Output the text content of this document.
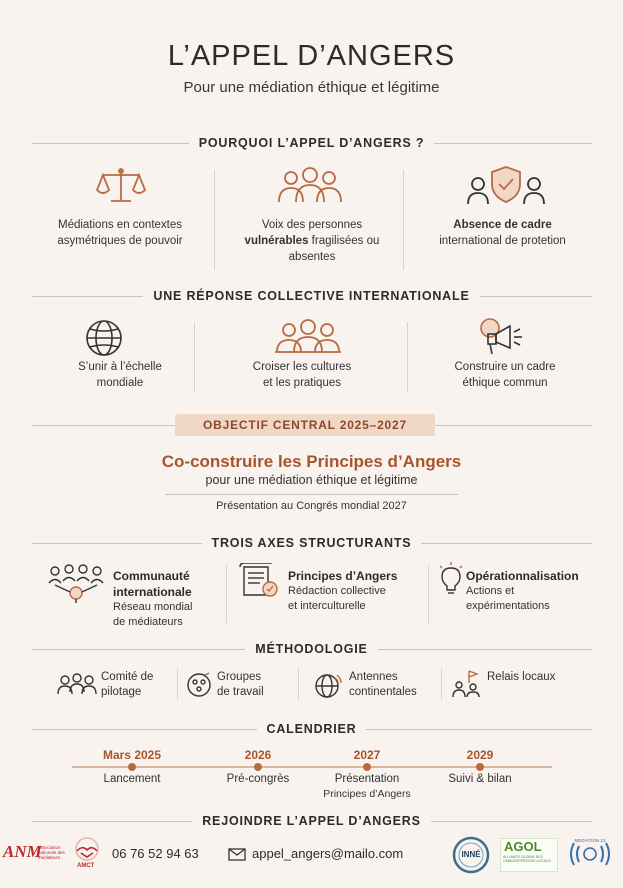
L’APPEL D’ANGERS
Pour une médiation éthique et légitime
POURQUOI L’APPEL D’ANGERS ?
Médiations en contextes
asymétriques de pouvoir
Voix des personnes
vulnérables fragilisées ou
absentes
Absence de cadre
international de protetion
UNE RÉPONSE COLLECTIVE INTERNATIONALE
S’unir à l’échelle
mondiale
Croiser les cultures
et les pratiques
Construire un cadre
éthique commun
OBJECTIF CENTRAL 2025–2027
Co-construire les Principes d’Angers
pour une médiation éthique et légitime
Présentation au Congrés mondial 2027
TROIS AXES STRUCTURANTS
Communauté
internationale
Réseau mondial
de médiateurs
Principes d’Angers
Rédaction collective
et interculturelle
Opérationnalisation
Actions et
expérimentations
MÉTHODOLOGIE
Comité de
pilotage
Groupes
de travail
Antennes
continentales
Relais locaux
CALENDRIER
Mars 2025
Lancement
2026
Pré-congrès
2027
Présentation
Principes d’Angers
2029
Suivi & bilan
REJOINDRE L’APPEL D’ANGERS
ANM
association nationale des médiateurs
AMCT
06 76 52 94 63	appel_angers@mailo.com	INNÉ
AGOL
ALLIANCE GLOBAL DES OMBUDSPERSONS LOCAUX
MEDIATION 21
